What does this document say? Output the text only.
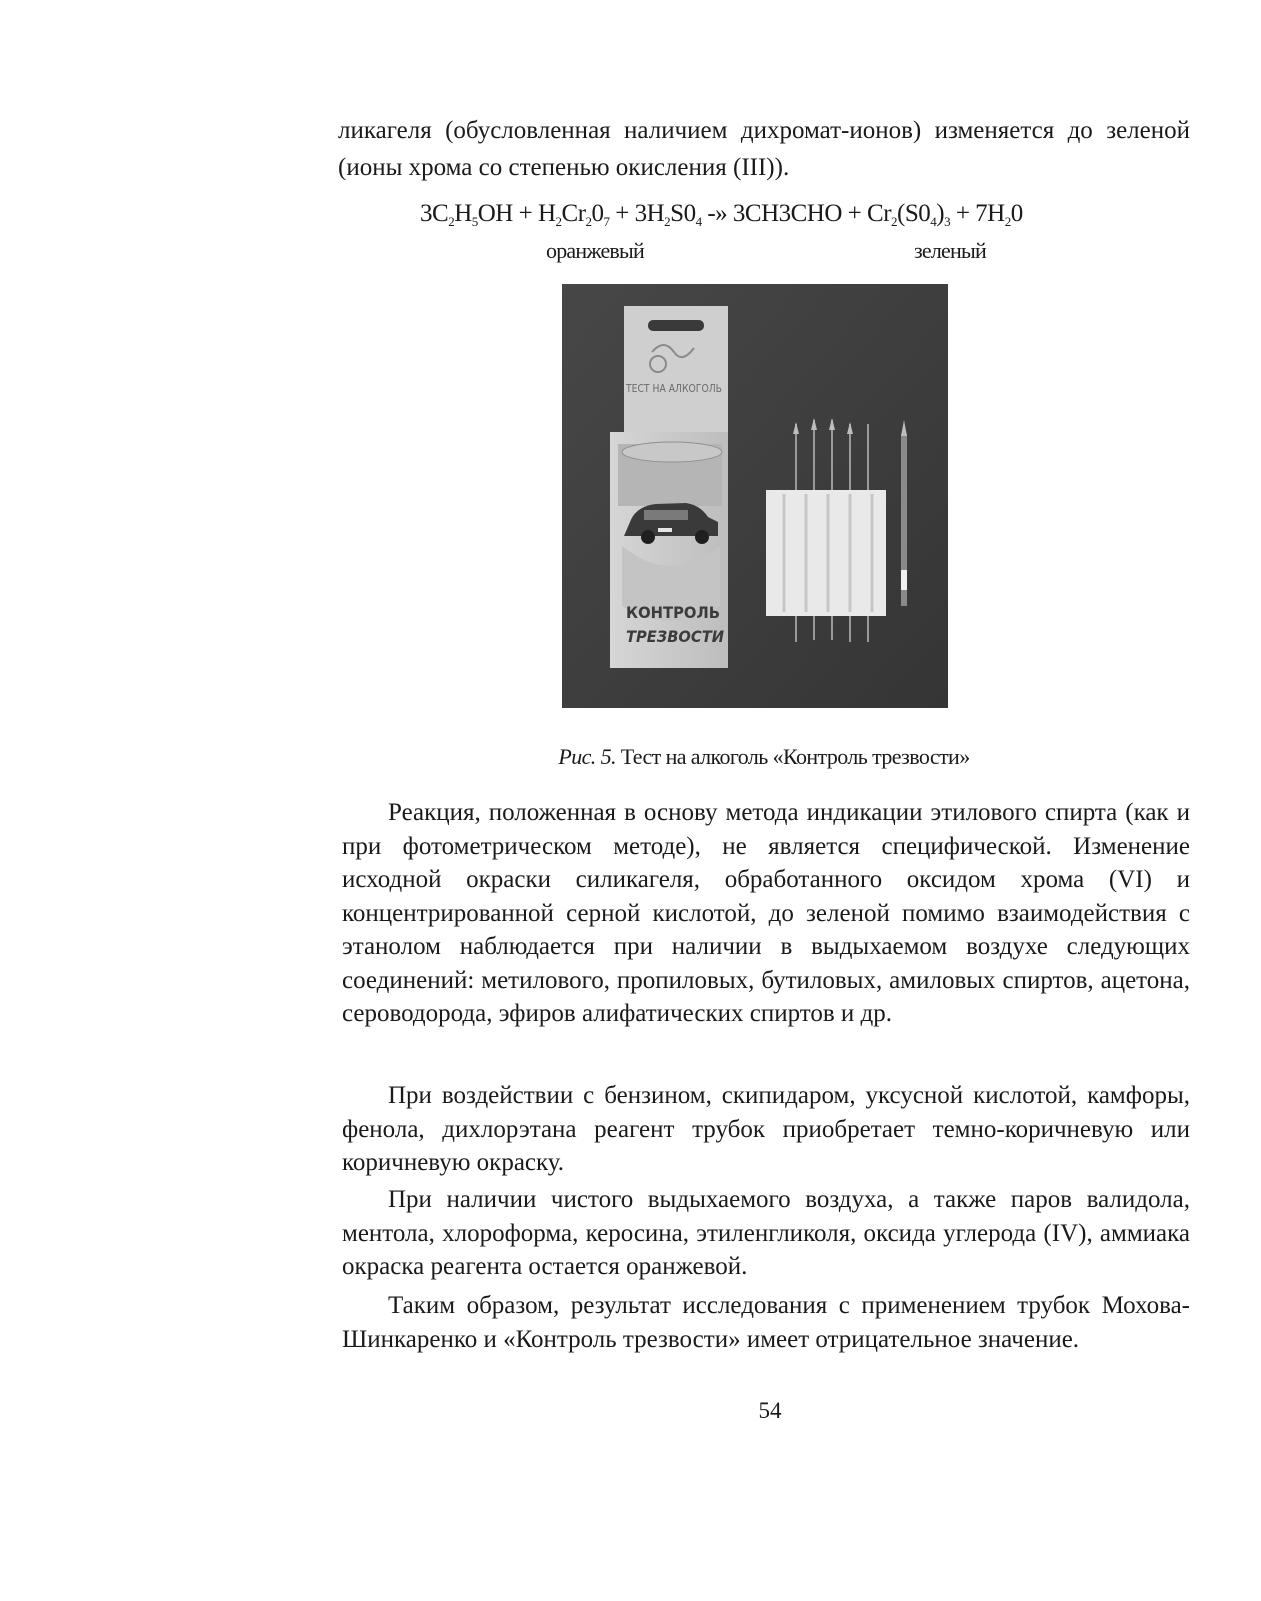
ликагеля (обусловленная наличием дихромат-ионов) изменяется до зеленой (ионы хрома со степенью окисления (III)).

$3C_2H_5OH + H_2Cr_20_7 + 3H_2S0_4$ -» $3CH3CHO + Cr_2(S0_4)_3 + 7H_20$
оранжевый	зеленый
ТЕСТ НА АЛКОГОЛЬ
КОНТРОЛЬ
ТРЕЗВОСТИ
Рис. 5. Тест на алкоголь «Контроль трезвости»

Реакция, положенная в основу метода индикации этилового спирта (как и при фотометрическом методе), не является специфической. Изменение исходной окраски силикагеля, обработанного оксидом хрома (VI) и концентрированной серной кислотой, до зеленой помимо взаимодействия с этанолом наблюдается при наличии в выдыхаемом воздухе следующих соединений: метилового, пропиловых, бутиловых, амиловых спиртов, ацетона, сероводорода, эфиров алифатических спиртов и др.

При воздействии с бензином, скипидаром, уксусной кислотой, камфоры, фенола, дихлорэтана реагент трубок приобретает темно-коричневую или коричневую окраску.

При наличии чистого выдыхаемого воздуха, а также паров валидола, ментола, хлороформа, керосина, этиленгликоля, оксида углерода (IV), аммиака окраска реагента остается оранжевой.

Таким образом, результат исследования с применением трубок Мохова-Шинкаренко и «Контроль трезвости» имеет отрицательное значение.

54
